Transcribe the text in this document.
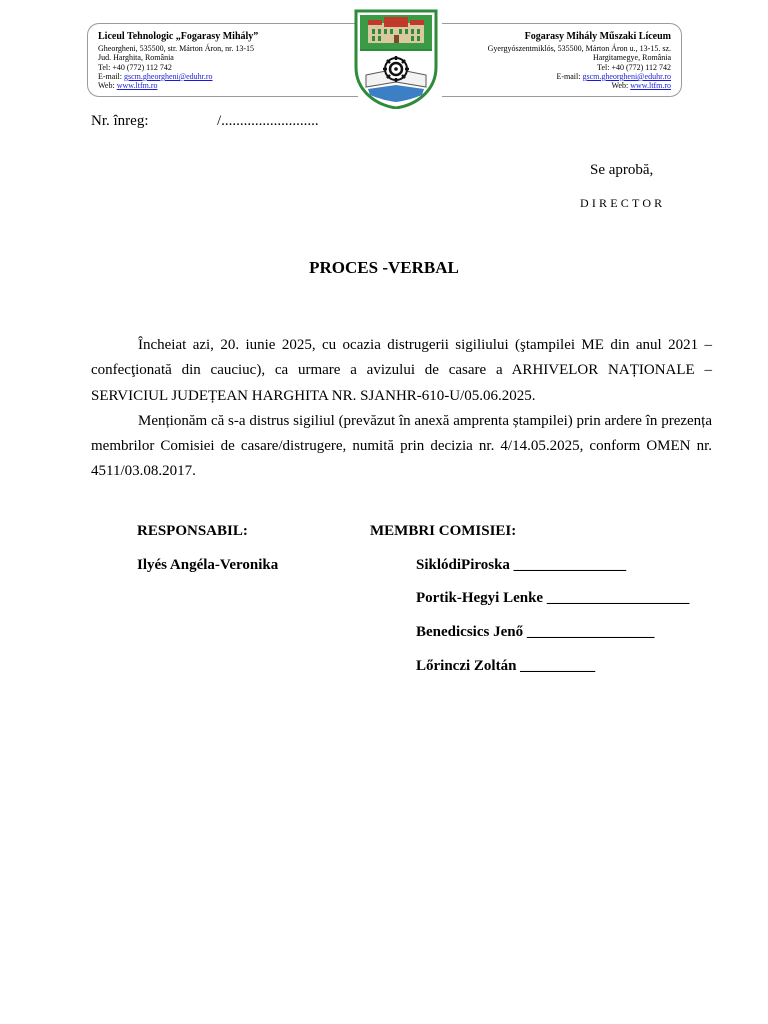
Liceul Tehnologic „Fogarasy Mihály”
Gheorgheni, 535500, str. Márton Áron, nr. 13-15
Jud. Harghita, România
Tel: +40 (772) 112 742
E-mail: gscm.gheorgheni@eduhr.ro
Web: www.ltfm.ro
Fogarasy Mihály Műszaki Líceum
Gyergyószentmiklós, 535500, Márton Áron u., 13-15. sz.
Hargitamegye, România
Tel: +40 (772) 112 742
E-mail: gscm.gheorgheni@eduhr.ro
Web: www.ltfm.ro
Nr. înreg:	/..........................
Se aprobă,
DIRECTOR
PROCES -VERBAL

Încheiat azi, 20. iunie 2025, cu ocazia distrugerii sigiliului (ştampilei ME din anul 2021 – confecţionată din cauciuc), ca urmare a avizului de casare a ARHIVELOR NAȚIONALE – SERVICIUL JUDEȚEAN HARGHITA NR. SJANHR-610-U/05.06.2025.

Menționăm că s-a distrus sigiliul (prevăzut în anexă amprenta ștampilei) prin ardere în prezența membrilor Comisiei de casare/distrugere, numită prin decizia nr. 4/14.05.2025, conform OMEN nr. 4511/03.08.2017.

RESPONSABIL:	MEMBRI COMISIEI:
Ilyés Angéla-Veronika	SiklódiPiroska _______________
Portik-Hegyi Lenke ___________________
Benedicsics Jenő _________________
Lőrinczi Zoltán __________
